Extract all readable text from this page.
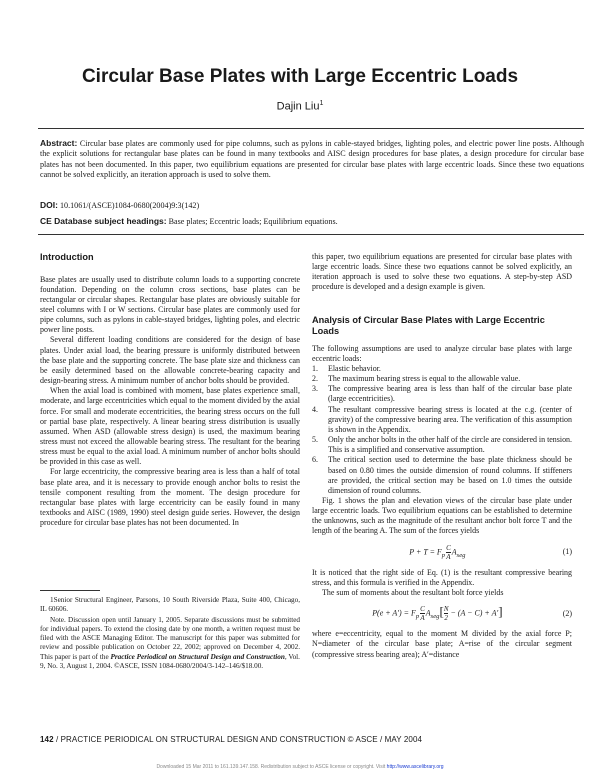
Circular Base Plates with Large Eccentric Loads
Dajin Liu$^1$
Abstract: Circular base plates are commonly used for pipe columns, such as pylons in cable-stayed bridges, lighting poles, and electric power line posts. Although the explicit solutions for rectangular base plates can be found in many textbooks and AISC design procedures for base plates, a design procedure for circular base plates has not been documented. In this paper, two equilibrium equations are presented for circular base plates with large eccentric loads. Since these two equations cannot be solved explicitly, an iteration approach is used to solve them.
DOI: 10.1061/(ASCE)1084-0680(2004)9:3(142)
CE Database subject headings: Base plates; Eccentric loads; Equilibrium equations.
Introduction

Base plates are usually used to distribute column loads to a supporting concrete foundation. Depending on the column cross sections, base plates can be rectangular or circular shapes. Rectangular base plates are obviously suitable for steel columns with I or W sections. Circular base plates are commonly used for pipe columns, such as pylons in cable-stayed bridges, lighting poles, and electric power line posts.

Several different loading conditions are considered for the design of base plates. Under axial load, the bearing pressure is uniformly distributed between the base plate and the supporting concrete. The base plate size and thickness can be easily determined based on the allowable concrete-bearing capacity and design-bearing stress. A minimum number of anchor bolts should be provided.

When the axial load is combined with moment, base plates experience small, moderate, and large eccentricities which equal to the moment divided by the axial force. For small and moderate eccentricities, the bearing stress occurs on the full or partial base plate, respectively. A linear bearing stress distribution is usually assumed. When ASD (allowable stress design) is used, the maximum bearing stress must not exceed the allowable bearing stress. The resultant for the bearing stress must be equal to the axial load. A minimum number of anchor bolts should be provided in this case as well.

For large eccentricity, the compressive bearing area is less than a half of total base plate area, and it is necessary to provide enough anchor bolts to resist the tensile component resulting from the moment. The design procedure for rectangular base plates with large eccentricity can be easily found in many textbooks and AISC (1989, 1990) steel design guide series. However, the design procedure for circular base plates has not been documented. In

1Senior Structural Engineer, Parsons, 10 South Riverside Plaza, Suite 400, Chicago, IL 60606.

Note. Discussion open until January 1, 2005. Separate discussions must be submitted for individual papers. To extend the closing date by one month, a written request must be filed with the ASCE Managing Editor. The manuscript for this paper was submitted for review and possible publication on October 22, 2002; approved on December 4, 2002. This paper is part of the Practice Periodical on Structural Design and Construction, Vol. 9, No. 3, August 1, 2004. ©ASCE, ISSN 1084-0680/2004/3-142–146/$18.00.

this paper, two equilibrium equations are presented for circular base plates with large eccentric loads. Since these two equations cannot be solved explicitly, an iteration approach is used to solve these two equations. A step-by-step ASD procedure is developed and a design example is given.

Analysis of Circular Base Plates with Large Eccentric Loads

The following assumptions are used to analyze circular base plates with large eccentric loads:

1.	Elastic behavior.
2.	The maximum bearing stress is equal to the allowable value.
3.	The compressive bearing area is less than half of the circular base plate (large eccentricities).
4.	The resultant compressive bearing stress is located at the c.g. (center of gravity) of the compressive bearing area. The verification of this assumption is shown in the Appendix.
5.	Only the anchor bolts in the other half of the circle are considered in tension. This is a simplified and conservative assumption.
6.	The critical section used to determine the base plate thickness should be based on 0.80 times the outside dimension of round columns. If stiffeners are provided, the critical section may be based on 1.0 times the outside dimension of round columns.

Fig. 1 shows the plan and elevation views of the circular base plate under large eccentric loads. Two equilibrium equations can be established to determine the unknowns, such as the magnitude of the resultant anchor bolt force T and the length of the bearing A. The sum of the forces yields

$P + T = F_p \frac{C}{A} A_{seg}$	(1)

It is noticed that the right side of Eq. (1) is the resultant compressive bearing stress, and this formula is verified in the Appendix.

The sum of moments about the resultant bolt force yields

$P(e + A') = F_p \frac{C}{A} A_{seg}[ \frac{N}{2} - (A - C) + A']$	(2)

where e=eccentricity, equal to the moment M divided by the axial force P; N=diameter of the circular base plate; A=rise of the circular segment (compressive stress bearing area); A′=distance

142 / PRACTICE PERIODICAL ON STRUCTURAL DESIGN AND CONSTRUCTION © ASCE / MAY 2004
Downloaded 15 Mar 2011 to 161.139.147.158. Redistribution subject to ASCE license or copyright. Visit http://www.ascelibrary.org
